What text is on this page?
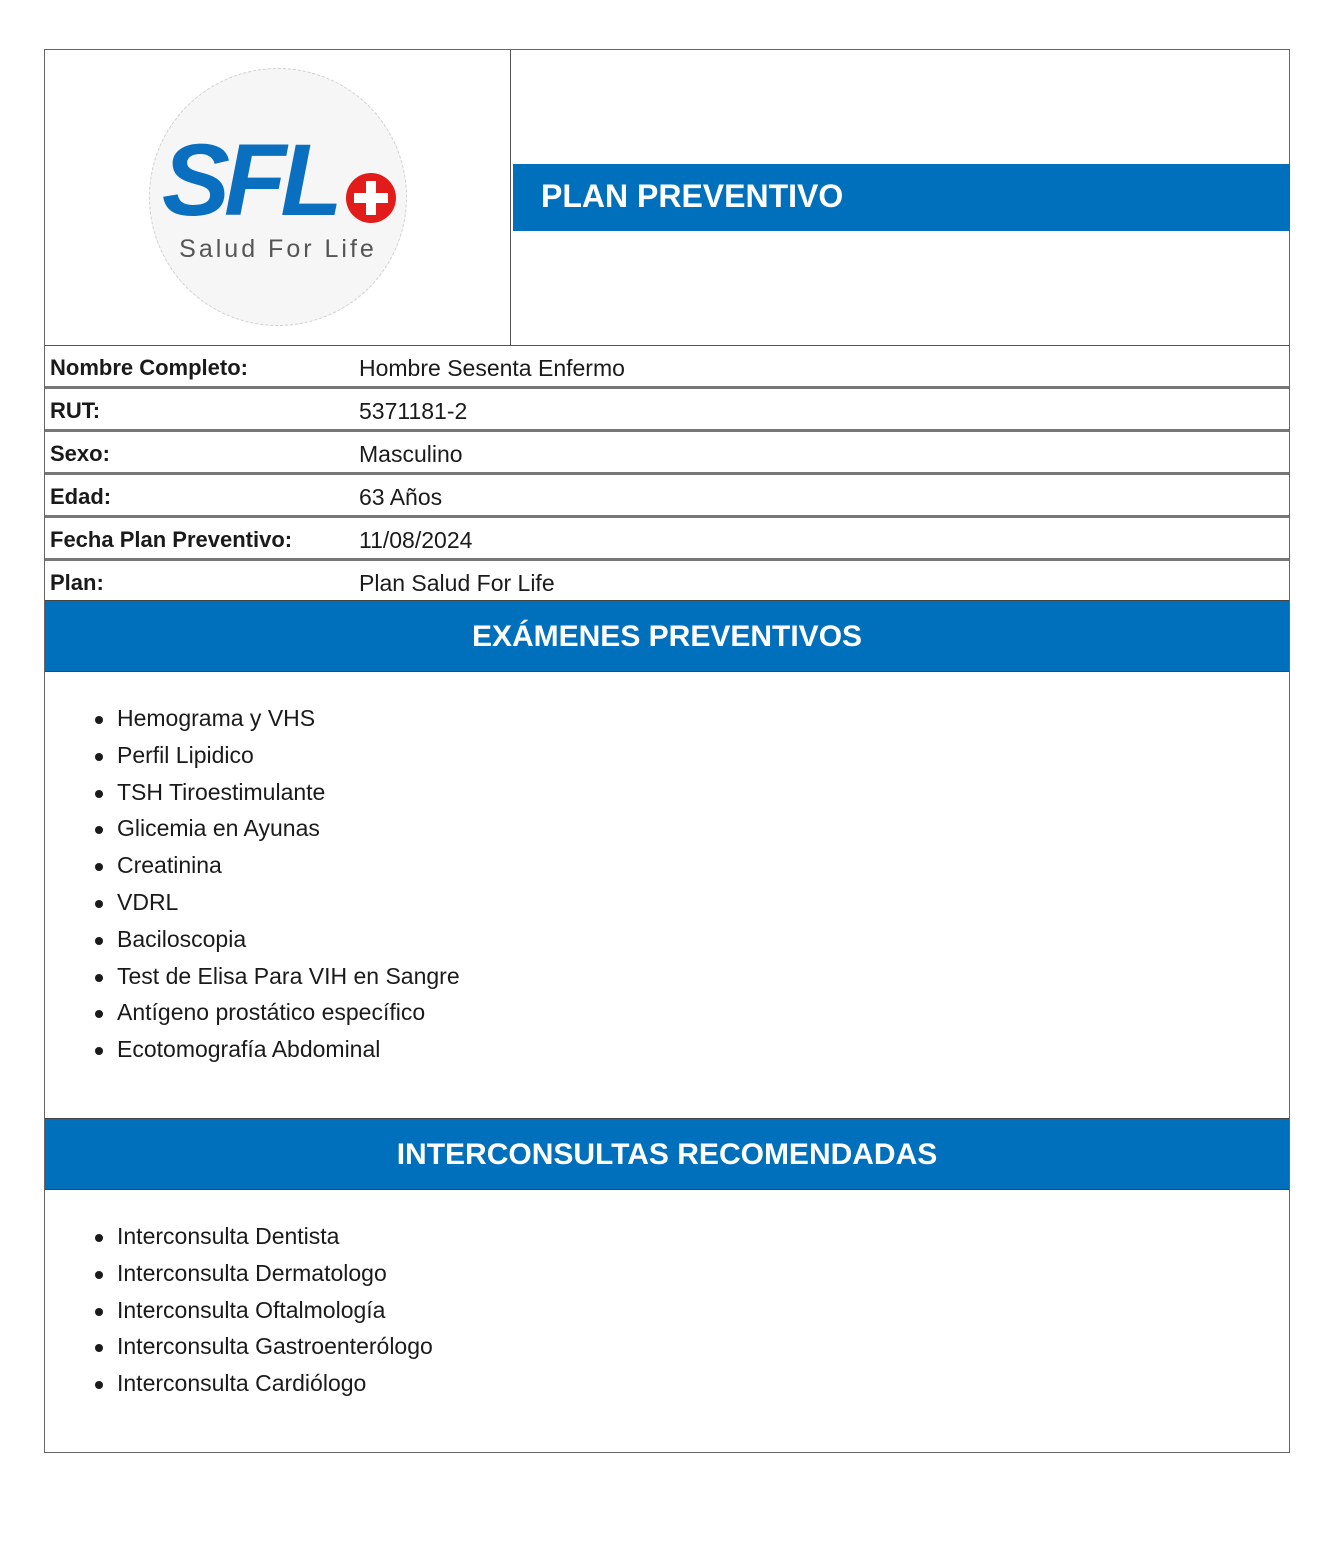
SFL
Salud For Life
PLAN PREVENTIVO
Nombre Completo:	Hombre Sesenta Enfermo
RUT:	5371181-2
Sexo:	Masculino
Edad:	63 Años
Fecha Plan Preventivo:	11/08/2024
Plan:	Plan Salud For Life
EXÁMENES PREVENTIVOS
Hemograma y VHS
Perfil Lipidico
TSH Tiroestimulante
Glicemia en Ayunas
Creatinina
VDRL
Baciloscopia
Test de Elisa Para VIH en Sangre
Antígeno prostático específico
Ecotomografía Abdominal
INTERCONSULTAS RECOMENDADAS
Interconsulta Dentista
Interconsulta Dermatologo
Interconsulta Oftalmología
Interconsulta Gastroenterólogo
Interconsulta Cardiólogo
